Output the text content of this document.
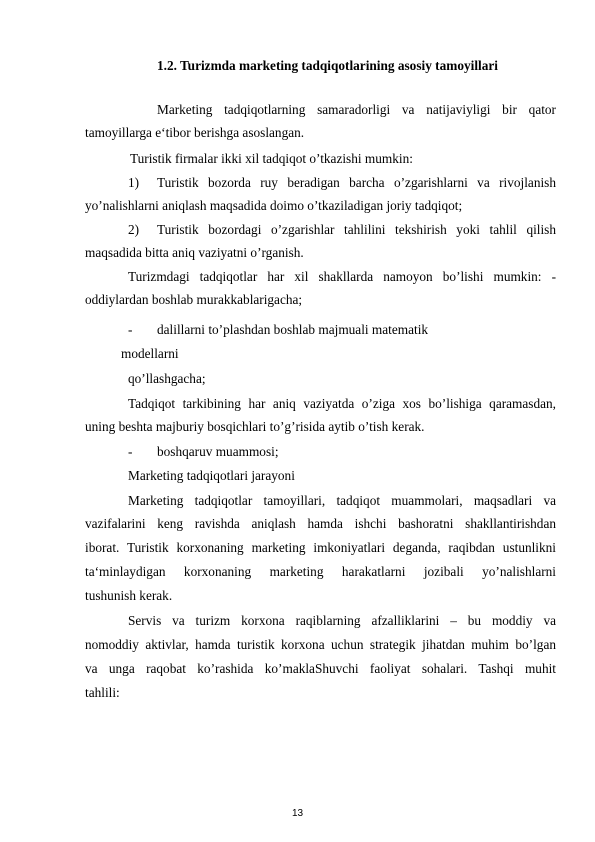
1.2. Turizmda marketing tadqiqotlarining asosiy tamoyillari
Marketing tadqiqotlarning samaradorligi va natijaviyligi bir qator
tamoyillarga e‘tibor berishga asoslangan.
Turistik firmalar ikki xil tadqiqot o’tkazishi mumkin:
1) Turistik bozorda ruy beradigan barcha o’zgarishlarni va rivojlanish
yo’nalishlarni aniqlash maqsadida doimo o’tkaziladigan joriy tadqiqot;
2) Turistik bozordagi o’zgarishlar tahlilini tekshirish yoki tahlil qilish
maqsadida bitta aniq vaziyatni o’rganish.
Turizmdagi tadqiqotlar har xil shakllarda namoyon bo’lishi mumkin: -
oddiylardan boshlab murakkablarigacha;
- dalillarni to’plashdan boshlab majmuali matematik
modellarni
qo’llashgacha;
Tadqiqot tarkibining har aniq vaziyatda o’ziga xos bo’lishiga qaramasdan,
uning beshta majburiy bosqichlari to’g’risida aytib o’tish kerak.
- boshqaruv muammosi;
Marketing tadqiqotlari jarayoni
Marketing tadqiqotlar tamoyillari, tadqiqot muammolari, maqsadlari va
vazifalarini keng ravishda aniqlash hamda ishchi bashoratni shakllantirishdan
iborat. Turistik korxonaning marketing imkoniyatlari deganda, raqibdan ustunlikni
ta‘minlaydigan korxonaning marketing harakatlarni jozibali yo’nalishlarni
tushunish kerak.
Servis va turizm korxona raqiblarning afzalliklarini – bu moddiy va
nomoddiy aktivlar, hamda turistik korxona uchun strategik jihatdan muhim bo’lgan
va unga raqobat ko’rashida ko’maklaShuvchi faoliyat sohalari. Tashqi muhit
tahlili:
13
